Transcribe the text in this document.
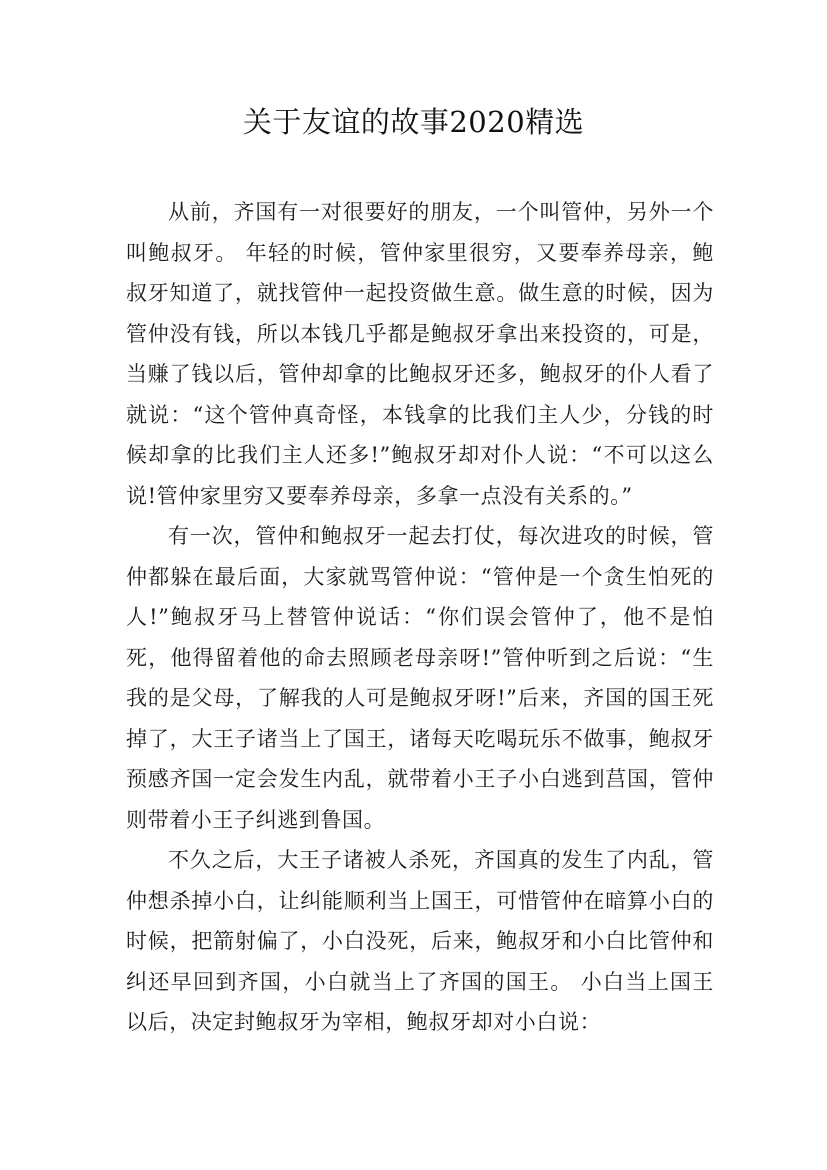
关于友谊的故事2020精选

从前，齐国有一对很要好的朋友，一个叫管仲，另外一个叫鲍叔牙。 年轻的时候，管仲家里很穷，又要奉养母亲，鲍叔牙知道了，就找管仲一起投资做生意。做生意的时候，因为管仲没有钱，所以本钱几乎都是鲍叔牙拿出来投资的，可是，当赚了钱以后，管仲却拿的比鲍叔牙还多，鲍叔牙的仆人看了就说：“这个管仲真奇怪，本钱拿的比我们主人少，分钱的时候却拿的比我们主人还多!”鲍叔牙却对仆人说：“不可以这么说!管仲家里穷又要奉养母亲，多拿一点没有关系的。”

有一次，管仲和鲍叔牙一起去打仗，每次进攻的时候，管仲都躲在最后面，大家就骂管仲说：“管仲是一个贪生怕死的人!”鲍叔牙马上替管仲说话：“你们误会管仲了，他不是怕死，他得留着他的命去照顾老母亲呀!”管仲听到之后说：“生我的是父母，了解我的人可是鲍叔牙呀!”后来，齐国的国王死掉了，大王子诸当上了国王，诸每天吃喝玩乐不做事，鲍叔牙预感齐国一定会发生内乱，就带着小王子小白逃到莒国，管仲则带着小王子纠逃到鲁国。

不久之后，大王子诸被人杀死，齐国真的发生了内乱，管仲想杀掉小白，让纠能顺利当上国王，可惜管仲在暗算小白的时候，把箭射偏了，小白没死，后来，鲍叔牙和小白比管仲和纠还早回到齐国，小白就当上了齐国的国王。 小白当上国王以后，决定封鲍叔牙为宰相，鲍叔牙却对小白说：
